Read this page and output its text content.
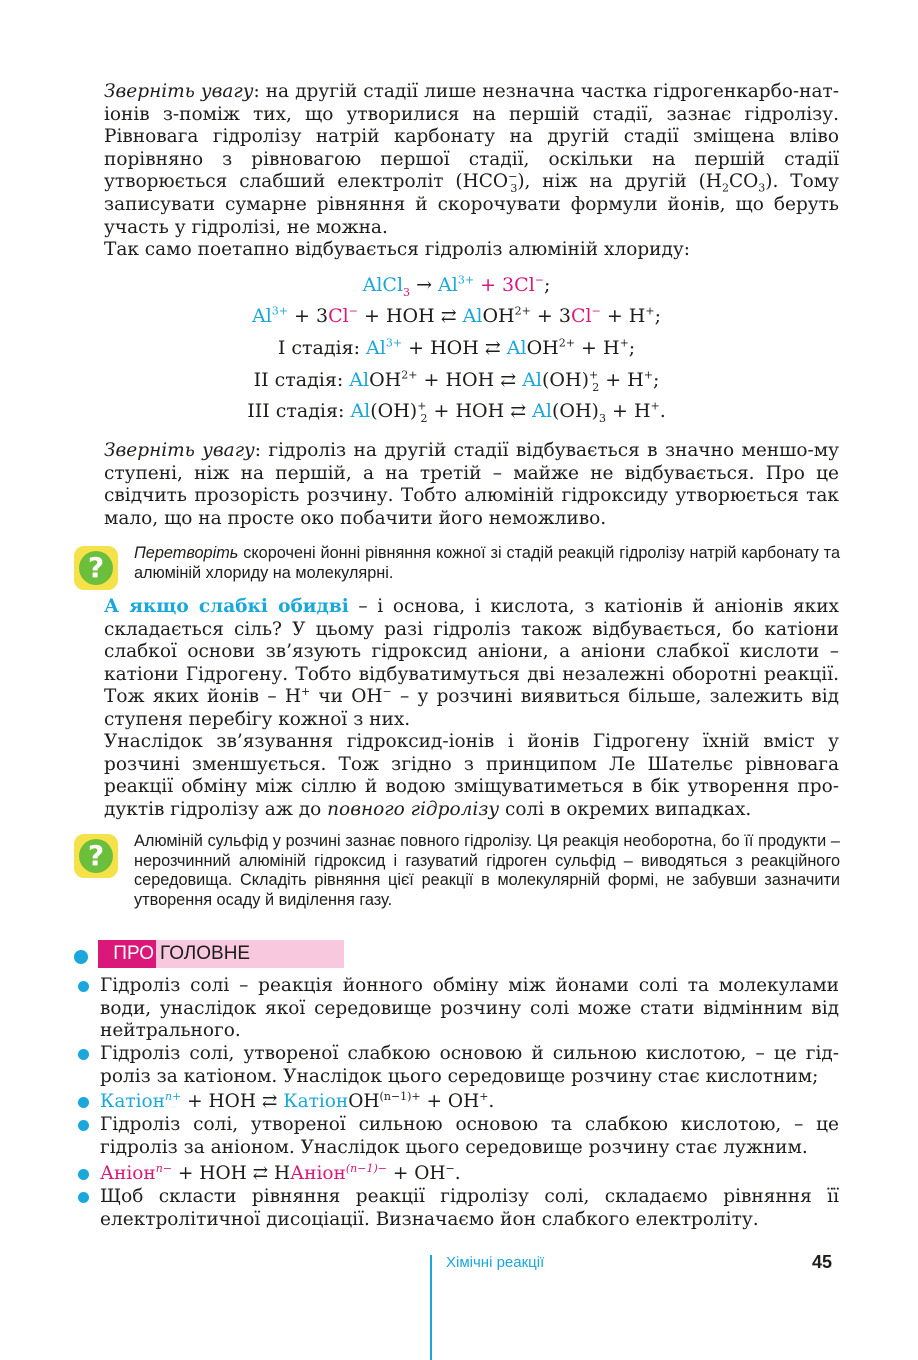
Зверніть увагу: на другій стадії лише незначна частка гідрогенкарбо-нат-іонів з-поміж тих, що утворилися на першій стадії, зазнає гідролізу. Рівновага гідролізу натрій карбонату на другій стадії зміщена вліво порівняно з рівновагою першої стадії, оскільки на першій стадії утворюється слабший електроліт $(HCO^-_3)$, ніж на другій $(H_2CO_3)$. Тому записувати сумарне рівняння й скорочувати формули йонів, що беруть участь у гідролізі, не можна.
Так само поетапно відбувається гідроліз алюміній хлориду:
AlCl$_3$ → $Al^{3+} + 3Cl^-$;
$Al^{3+} + 3Cl^-$ + HOH ⇄ AlOH$^{2+}$ + 3Cl− + H+;
I стадія: $Al^{3+}$ + HOH ⇄ AlOH$^{2+}$ + H+;
II стадія: AlOH$^{2+}$ + HOH ⇄ $Al(OH)^+_2 + H^+$;
III стадія: $Al(OH)^+_2$ + HOH ⇄ $Al(OH)_3 + H^+$.
Зверніть увагу: гідроліз на другій стадії відбувається в значно меншо-му ступені, ніж на першій, а на третій – майже не відбувається. Про це свідчить прозорість розчину. Тобто алюміній гідроксиду утворюється так мало, що на просте око побачити його неможливо.
?	Перетворіть скорочені йонні рівняння кожної зі стадій реакцій гідролізу натрій карбонату та алюміній хлориду на молекулярні.
А якщо слабкі обидві – і основа, і кислота, з катіонів й аніонів яких складається сіль? У цьому разі гідроліз також відбувається, бо катіони слабкої основи зв’язують гідроксид аніони, а аніони слабкої кислоти – катіони Гідрогену. Тобто відбуватимуться дві незалежні оборотні реакції. Тож яких йонів – H+ чи OH− – у розчині виявиться більше, залежить від ступеня перебігу кожної з них.
Унаслідок зв’язування гідроксид-іонів і йонів Гідрогену їхній вміст у розчині зменшується. Тож згідно з принципом Ле Шательє рівновага реакції обміну між сіллю й водою зміщуватиметься в бік утворення про-дуктів гідролізу аж до повного гідролізу солі в окремих випадках.
?	Алюміній сульфід у розчині зазнає повного гідролізу. Ця реакція необоротна, бо її продукти – нерозчинний алюміній гідроксид і газуватий гідроген сульфід – виводяться з реакційного середовища. Складіть рівняння цієї реакції в молекулярній формі, не забувши зазначити утворення осаду й виділення газу.
ПРО ГОЛОВНЕ
Гідроліз солі – реакція йонного обміну між йонами солі та молекулами води, унаслідок якої середовище розчину солі може стати відмінним від нейтрального.
Гідроліз солі, утвореної слабкою основою й сильною кислотою, – це гід-роліз за катіоном. Унаслідок цього середовище розчину стає кислотним;
Катіон$^{n+}$ + HOH ⇄ КатіонOH$^{(n-1)+}$ + OH+.
Гідроліз солі, утвореної сильною основою та слабкою кислотою, – це гідроліз за аніоном. Унаслідок цього середовище розчину стає лужним.
Аніон$^{n-}$ + HOH ⇄ HАніон$^{(n-1)-}$ + OH−.
Щоб скласти рівняння реакції гідролізу солі, складаємо рівняння її електролітичної дисоціації. Визначаємо йон слабкого електроліту.
Хімічні реакції	45
